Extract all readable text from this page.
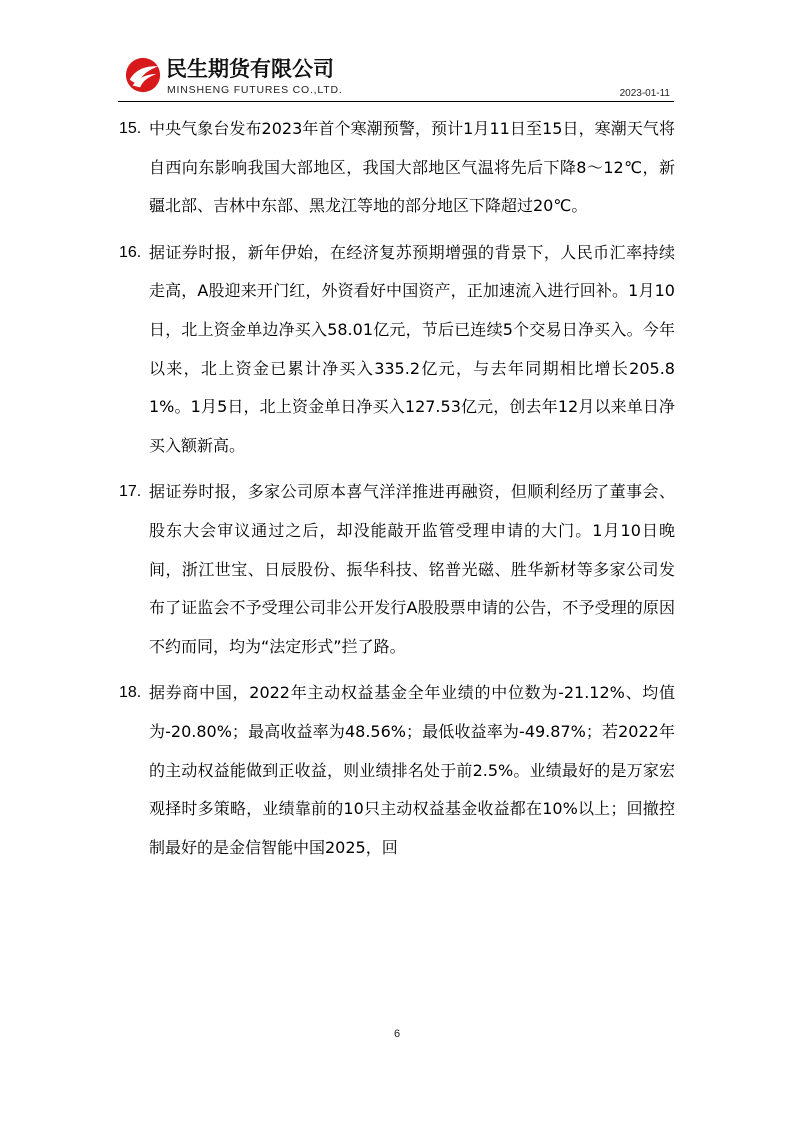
民生期货有限公司
MINSHENG FUTURES CO.,LTD.	2023-01-11
15. 中央气象台发布2023年首个寒潮预警，预计1月11日至15日，寒潮天气将自西向东影响我国大部地区，我国大部地区气温将先后下降8～12℃，新疆北部、吉林中东部、黑龙江等地的部分地区下降超过20℃。
16. 据证券时报，新年伊始，在经济复苏预期增强的背景下，人民币汇率持续走高，A股迎来开门红，外资看好中国资产，正加速流入进行回补。1月10日，北上资金单边净买入58.01亿元，节后已连续5个交易日净买入。今年以来，北上资金已累计净买入335.2亿元，与去年同期相比增长205.81%。1月5日，北上资金单日净买入127.53亿元，创去年12月以来单日净买入额新高。
17. 据证券时报，多家公司原本喜气洋洋推进再融资，但顺利经历了董事会、股东大会审议通过之后，却没能敲开监管受理申请的大门。1月10日晚间，浙江世宝、日辰股份、振华科技、铭普光磁、胜华新材等多家公司发布了证监会不予受理公司非公开发行A股股票申请的公告，不予受理的原因不约而同，均为“法定形式”拦了路。
18. 据券商中国，2022年主动权益基金全年业绩的中位数为-21.12%、均值为-20.80%；最高收益率为48.56%；最低收益率为-49.87%；若2022年的主动权益能做到正收益，则业绩排名处于前2.5%。业绩最好的是万家宏观择时多策略，业绩靠前的10只主动权益基金收益都在10%以上；回撤控制最好的是金信智能中国2025，回
6
